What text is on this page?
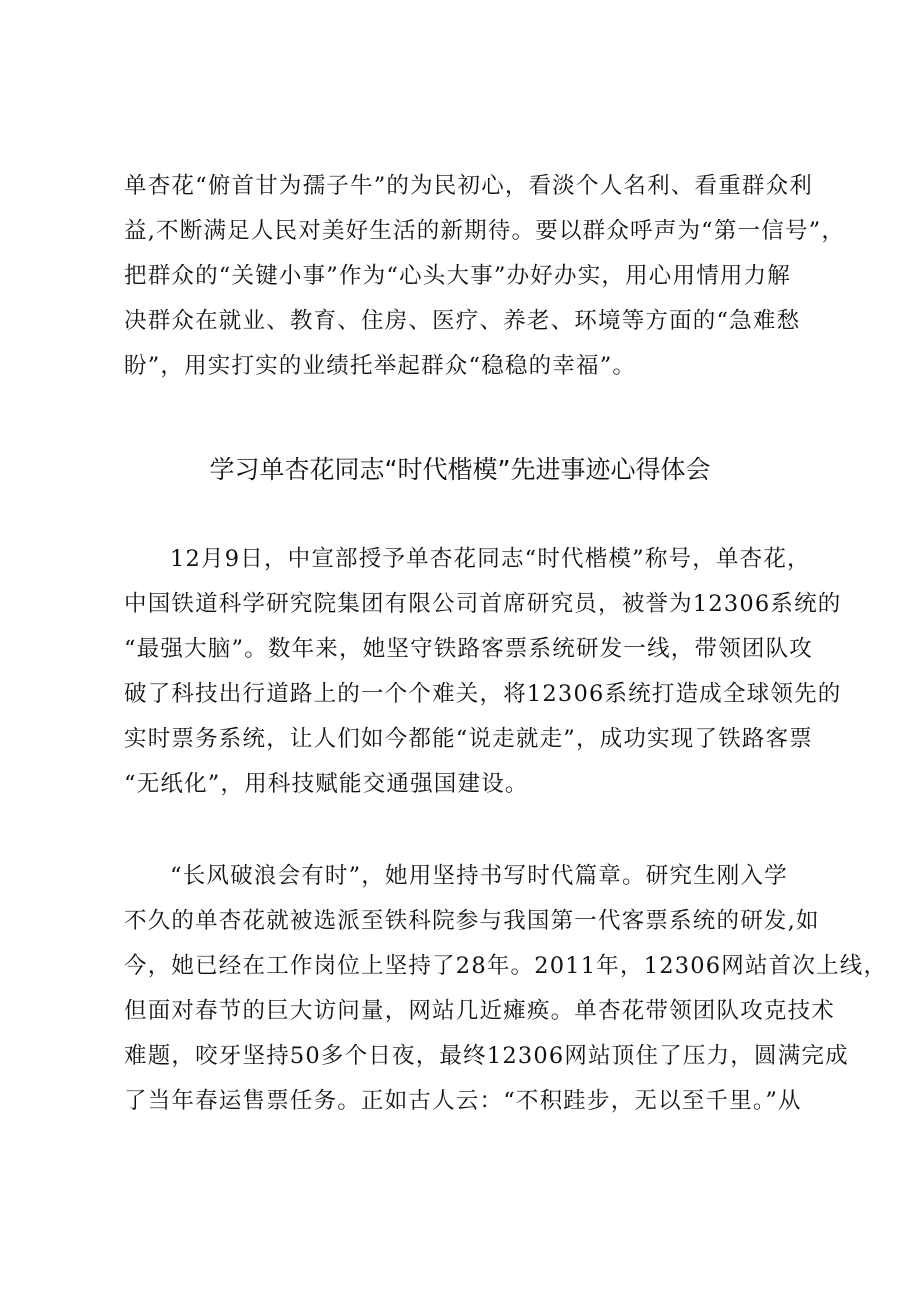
单杏花“俯首甘为孺子牛”的为民初心，看淡个人名利、看重群众利
益,不断满足人民对美好生活的新期待。要以群众呼声为“第一信号”，
把群众的“关键小事”作为“心头大事”办好办实，用心用情用力解
决群众在就业、教育、住房、医疗、养老、环境等方面的“急难愁
盼”，用实打实的业绩托举起群众“稳稳的幸福”。
学习单杏花同志“时代楷模”先进事迹心得体会
12月9日，中宣部授予单杏花同志“时代楷模”称号，单杏花，
中国铁道科学研究院集团有限公司首席研究员，被誉为12306系统的
“最强大脑”。数年来，她坚守铁路客票系统研发一线，带领团队攻
破了科技出行道路上的一个个难关，将12306系统打造成全球领先的
实时票务系统，让人们如今都能“说走就走”，成功实现了铁路客票
“无纸化”，用科技赋能交通强国建设。
“长风破浪会有时”，她用坚持书写时代篇章。研究生刚入学
不久的单杏花就被选派至铁科院参与我国第一代客票系统的研发,如
今，她已经在工作岗位上坚持了28年。2011年，12306网站首次上线，
但面对春节的巨大访问量，网站几近瘫痪。单杏花带领团队攻克技术
难题，咬牙坚持50多个日夜，最终12306网站顶住了压力，圆满完成
了当年春运售票任务。正如古人云：“不积跬步，无以至千里。”从
